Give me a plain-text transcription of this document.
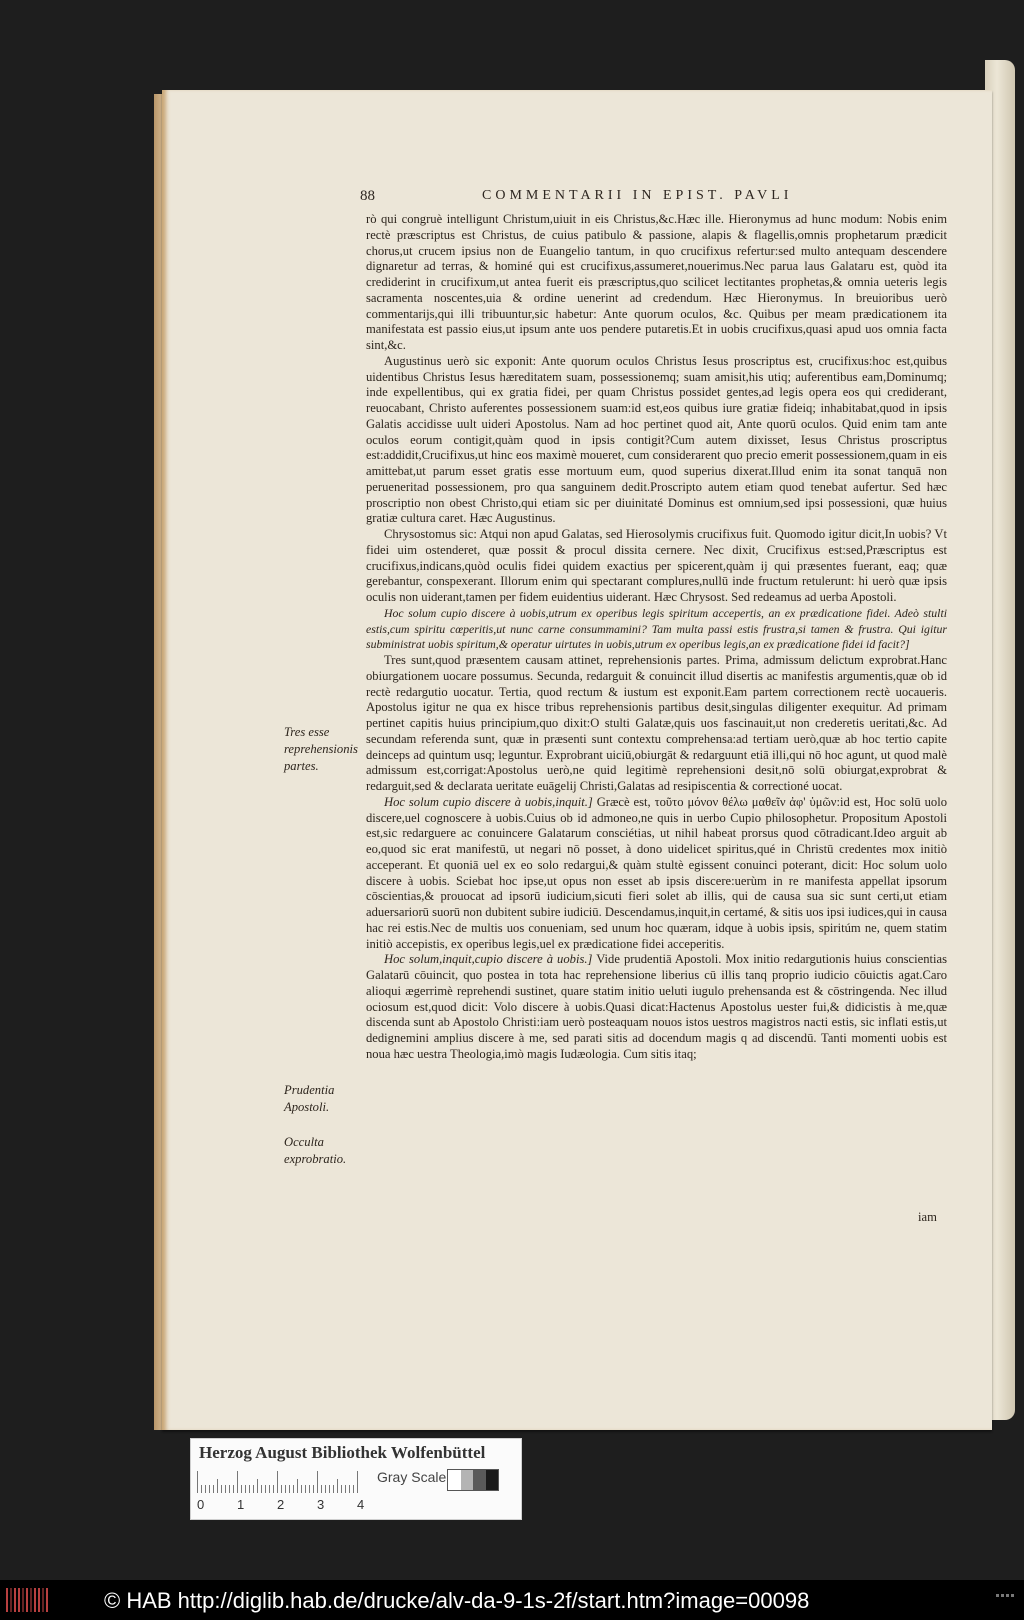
88	COMMENTARII IN EPIST. PAVLI

rò qui congruè intelligunt Christum,uiuit in eis Christus,&c.Hæc ille. Hieronymus ad hunc modum: Nobis enim rectè præscriptus est Christus, de cuius patibulo & passione, alapis & flagellis,omnis prophetarum prædicit chorus,ut crucem ipsius non de Euangelio tantum, in quo crucifixus refertur:sed multo antequam descendere dignaretur ad terras, & hominé qui est crucifixus,assumeret,nouerimus.Nec parua laus Galataru est, quòd ita crediderint in crucifixum,ut antea fuerit eis præscriptus,quo scilicet lectitantes prophetas,& omnia ueteris legis sacramenta noscentes,uia & ordine uenerint ad credendum. Hæc Hieronymus. In breuioribus uerò commentarijs,qui illi tribuuntur,sic habetur: Ante quorum oculos, &c. Quibus per meam prædicationem ita manifestata est passio eius,ut ipsum ante uos pendere putaretis.Et in uobis crucifixus,quasi apud uos omnia facta sint,&c.

Augustinus uerò sic exponit: Ante quorum oculos Christus Iesus proscriptus est, crucifixus:hoc est,quibus uidentibus Christus Iesus hæreditatem suam, possessionemq; suam amisit,his utiq; auferentibus eam,Dominumq; inde expellentibus, qui ex gratia fidei, per quam Christus possidet gentes,ad legis opera eos qui crediderant, reuocabant, Christo auferentes possessionem suam:id est,eos quibus iure gratiæ fideiq; inhabitabat,quod in ipsis Galatis accidisse uult uideri Apostolus. Nam ad hoc pertinet quod ait, Ante quorū oculos. Quid enim tam ante oculos eorum contigit,quàm quod in ipsis contigit?Cum autem dixisset, Iesus Christus proscriptus est:addidit,Crucifixus,ut hinc eos maximè moueret, cum considerarent quo precio emerit possessionem,quam in eis amittebat,ut parum esset gratis esse mortuum eum, quod superius dixerat.Illud enim ita sonat tanquā non perueneritad possessionem, pro qua sanguinem dedit.Proscripto autem etiam quod tenebat aufertur. Sed hæc proscriptio non obest Christo,qui etiam sic per diuinitaté Dominus est omnium,sed ipsi possessioni, quæ huius gratiæ cultura caret. Hæc Augustinus.

Chrysostomus sic: Atqui non apud Galatas, sed Hierosolymis crucifixus fuit. Quomodo igitur dicit,In uobis? Vt fidei uim ostenderet, quæ possit & procul dissita cernere. Nec dixit, Crucifixus est:sed,Præscriptus est crucifixus,indicans,quòd oculis fidei quidem exactius per spicerent,quàm ij qui præsentes fuerant, eaq; quæ gerebantur, conspexerant. Illorum enim qui spectarant complures,nullū inde fructum retulerunt: hi uerò quæ ipsis oculis non uiderant,tamen per fidem euidentius uiderant. Hæc Chrysost. Sed redeamus ad uerba Apostoli.

Hoc solum cupio discere à uobis,utrum ex operibus legis spiritum accepertis, an ex prædicatione fidei. Adeò stulti estis,cum spiritu cœperitis,ut nunc carne consummamini? Tam multa passi estis frustra,si tamen & frustra. Qui igitur subministrat uobis spiritum,& operatur uirtutes in uobis,utrum ex operibus legis,an ex prædicatione fidei id facit?]

Tres sunt,quod præsentem causam attinet, reprehensionis partes. Prima, admissum delictum exprobrat.Hanc obiurgationem uocare possumus. Secunda, redarguit & conuincit illud disertis ac manifestis argumentis,quæ ob id rectè redargutio uocatur. Tertia, quod rectum & iustum est exponit.Eam partem correctionem rectè uocaueris. Apostolus igitur ne qua ex hisce tribus reprehensionis partibus desit,singulas diligenter exequitur. Ad primam pertinet capitis huius principium,quo dixit:O stulti Galatæ,quis uos fascinauit,ut non crederetis ueritati,&c. Ad secundam referenda sunt, quæ in præsenti sunt contextu comprehensa:ad tertiam uerò,quæ ab hoc tertio capite deinceps ad quintum usq; leguntur. Exprobrant uiciū,obiurgāt & redarguunt etiā illi,qui nō hoc agunt, ut quod malè admissum est,corrigat:Apostolus uerò,ne quid legitimè reprehensioni desit,nō solū obiurgat,exprobrat & redarguit,sed & declarata ueritate euāgelij Christi,Galatas ad resipiscentia & correctioné uocat.

Hoc solum cupio discere à uobis,inquit.] Græcè est, τοῦτο μόνον θέλω μαθεῖν ἀφ' ὑμῶν:id est, Hoc solū uolo discere,uel cognoscere à uobis.Cuius ob id admoneo,ne quis in uerbo Cupio philosophetur. Propositum Apostoli est,sic redarguere ac conuincere Galatarum consciétias, ut nihil habeat prorsus quod cōtradicant.Ideo arguit ab eo,quod sic erat manifestū, ut negari nō posset, à dono uidelicet spiritus,qué in Christū credentes mox initiò acceperant. Et quoniā uel ex eo solo redargui,& quàm stultè egissent conuinci poterant, dicit: Hoc solum uolo discere à uobis. Sciebat hoc ipse,ut opus non esset ab ipsis discere:uerùm in re manifesta appellat ipsorum cōscientias,& prouocat ad ipsorū iudicium,sicuti fieri solet ab illis, qui de causa sua sic sunt certi,ut etiam aduersariorū suorū non dubitent subire iudiciū. Descendamus,inquit,in certamé, & sitis uos ipsi iudices,qui in causa hac rei estis.Nec de multis uos conueniam, sed unum hoc quæram, idque à uobis ipsis, spiritúm ne, quem statim initiò accepistis, ex operibus legis,uel ex prædicatione fidei acceperitis.

Hoc solum,inquit,cupio discere à uobis.] Vide prudentiā Apostoli. Mox initio redargutionis huius conscientias Galatarū cōuincit, quo postea in tota hac reprehensione liberius cū illis tanq proprio iudicio cōuictis agat.Caro alioqui ægerrimè reprehendi sustinet, quare statim initio ueluti iugulo prehensanda est & cōstringenda. Nec illud ociosum est,quod dicit: Volo discere à uobis.Quasi dicat:Hactenus Apostolus uester fui,& didicistis à me,quæ discenda sunt ab Apostolo Christi:iam uerò posteaquam nouos istos uestros magistros nacti estis, sic inflati estis,ut dedignemini amplius discere à me, sed parati sitis ad docendum magis q ad discendū. Tanti momenti uobis est noua hæc uestra Theologia,imò magis Iudæologia. Cum sitis itaq;

Tres esse reprehensionis partes.
Prudentia Apostoli.
Occulta exprobratio.
iam
Herzog August Bibliothek Wolfenbüttel
0	1	2	3	4
Gray Scale
© HAB http://diglib.hab.de/drucke/alv-da-9-1s-2f/start.htm?image=00098
